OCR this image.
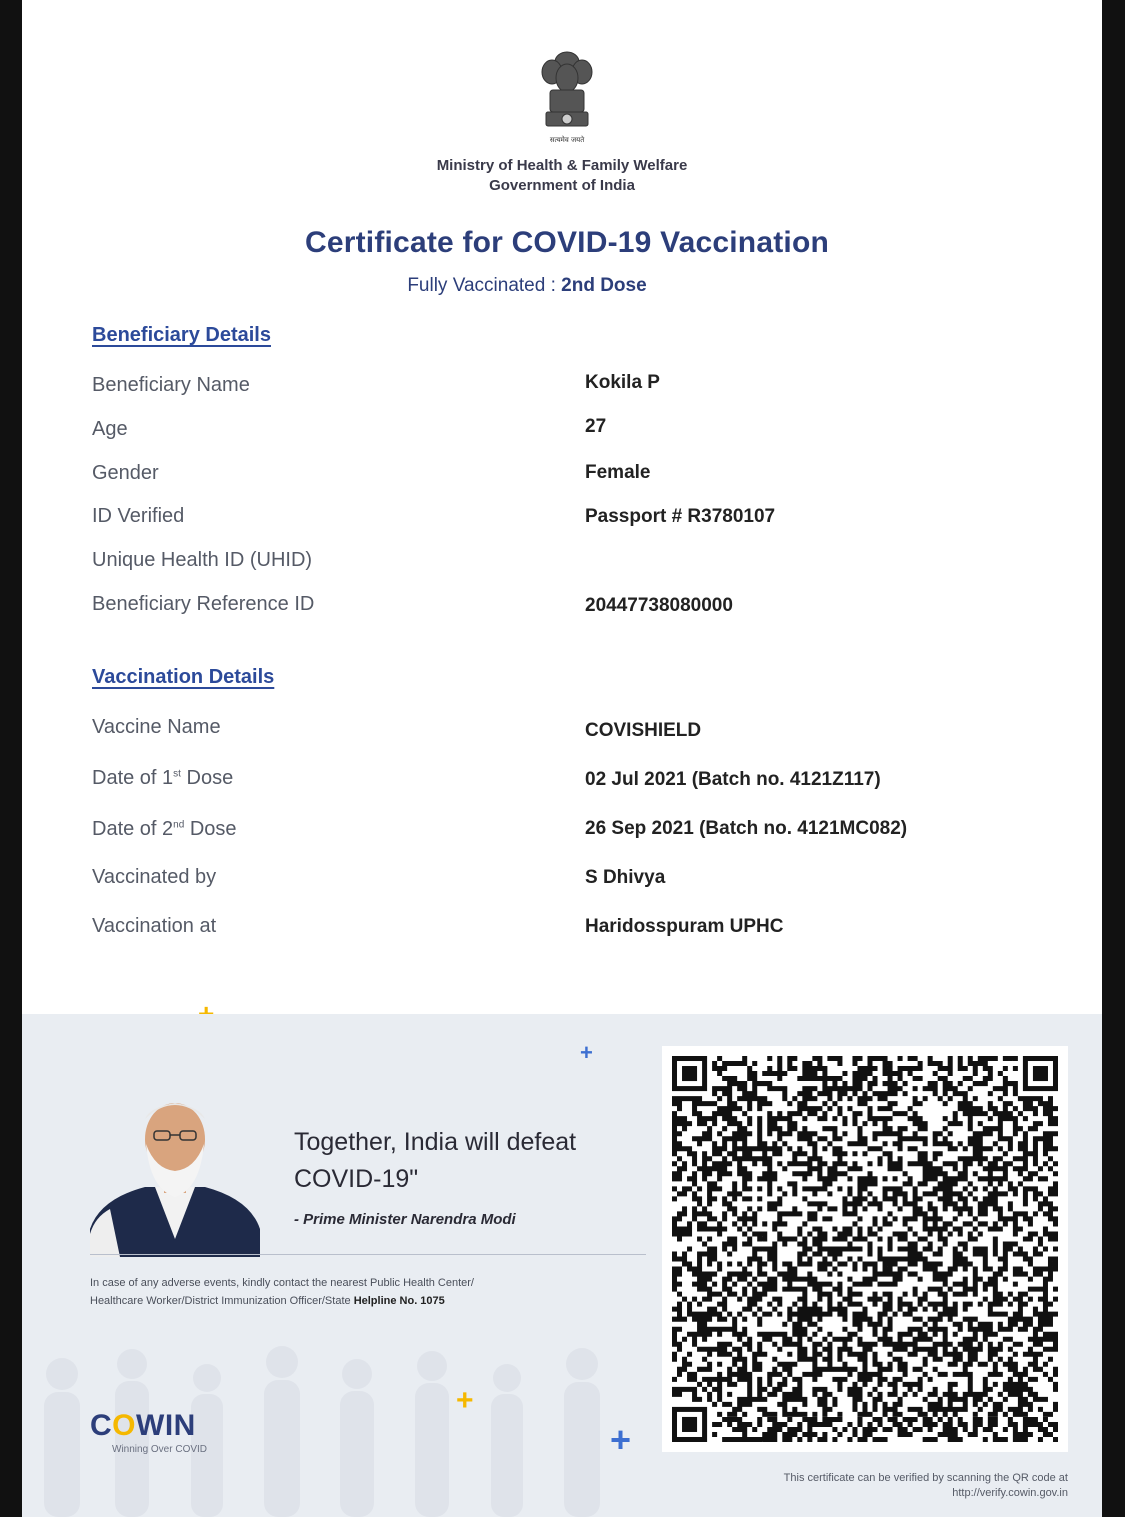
सत्यमेव जयते
Ministry of Health & Family Welfare
Government of India
Certificate for COVID-19 Vaccination
Fully Vaccinated : 2nd Dose
Beneficiary Details
Beneficiary Name	Kokila P
Age	27
Gender	Female
ID Verified	Passport # R3780107
Unique Health ID (UHID)
Beneficiary Reference ID	20447738080000
Vaccination Details
Vaccine Name	COVISHIELD
Date of 1st Dose	02 Jul 2021 (Batch no. 4121Z117)
Date of 2nd Dose	26 Sep 2021 (Batch no. 4121MC082)
Vaccinated by	S Dhivya
Vaccination at	Haridosspuram UPHC
+
+
+
Together, India will defeat
COVID-19"
- Prime Minister Narendra Modi
In case of any adverse events, kindly contact the nearest Public Health Center/
Healthcare Worker/District Immunization Officer/State Helpline No. 1075
COWIN
Winning Over COVID
This certificate can be verified by scanning the QR code at
http://verify.cowin.gov.in
